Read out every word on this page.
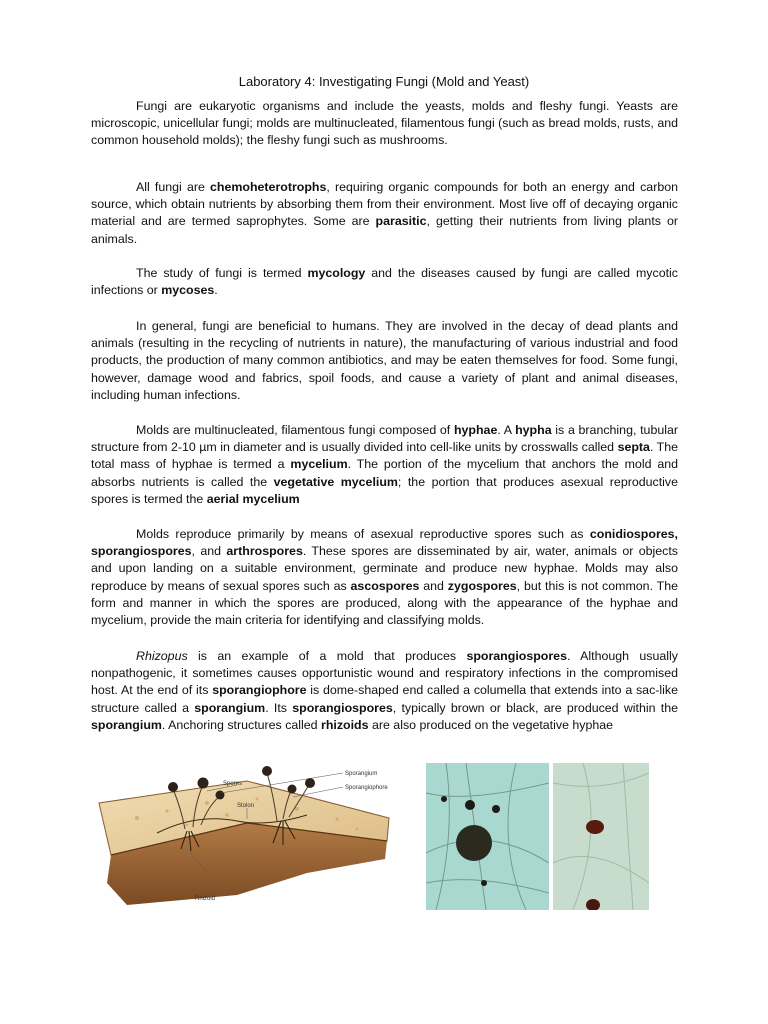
Laboratory 4: Investigating Fungi (Mold and Yeast)

Fungi are eukaryotic organisms and include the yeasts, molds and fleshy fungi. Yeasts are microscopic, unicellular fungi; molds are multinucleated, filamentous fungi (such as bread molds, rusts, and common household molds); the fleshy fungi such as mushrooms.

All fungi are chemoheterotrophs, requiring organic compounds for both an energy and carbon source, which obtain nutrients by absorbing them from their environment. Most live off of decaying organic material and are termed saprophytes. Some are parasitic, getting their nutrients from living plants or animals.

The study of fungi is termed mycology and the diseases caused by fungi are called mycotic infections or mycoses.

In general, fungi are beneficial to humans. They are involved in the decay of dead plants and animals (resulting in the recycling of nutrients in nature), the manufacturing of various industrial and food products, the production of many common antibiotics, and may be eaten themselves for food. Some fungi, however, damage wood and fabrics, spoil foods, and cause a variety of plant and animal diseases, including human infections.

Molds are multinucleated, filamentous fungi composed of hyphae. A hypha is a branching, tubular structure from 2-10 µm in diameter and is usually divided into cell-like units by crosswalls called septa. The total mass of hyphae is termed a mycelium. The portion of the mycelium that anchors the mold and absorbs nutrients is called the vegetative mycelium; the portion that produces asexual reproductive spores is termed the aerial mycelium

Molds reproduce primarily by means of asexual reproductive spores such as conidiospores, sporangiospores, and arthrospores. These spores are disseminated by air, water, animals or objects and upon landing on a suitable environment, germinate and produce new hyphae. Molds may also reproduce by means of sexual spores such as ascospores and zygospores, but this is not common. The form and manner in which the spores are produced, along with the appearance of the hyphae and mycelium, provide the main criteria for identifying and classifying molds.

Rhizopus is an example of a mold that produces sporangiospores. Although usually nonpathogenic, it sometimes causes opportunistic wound and respiratory infections in the compromised host. At the end of its sporangiophore is dome-shaped end called a columella that extends into a sac-like structure called a sporangium. Its sporangiospores, typically brown or black, are produced within the sporangium. Anchoring structures called rhizoids are also produced on the vegetative hyphae

Sporangium
Sporangiophore
Spores
Stolon
Rhizoid
